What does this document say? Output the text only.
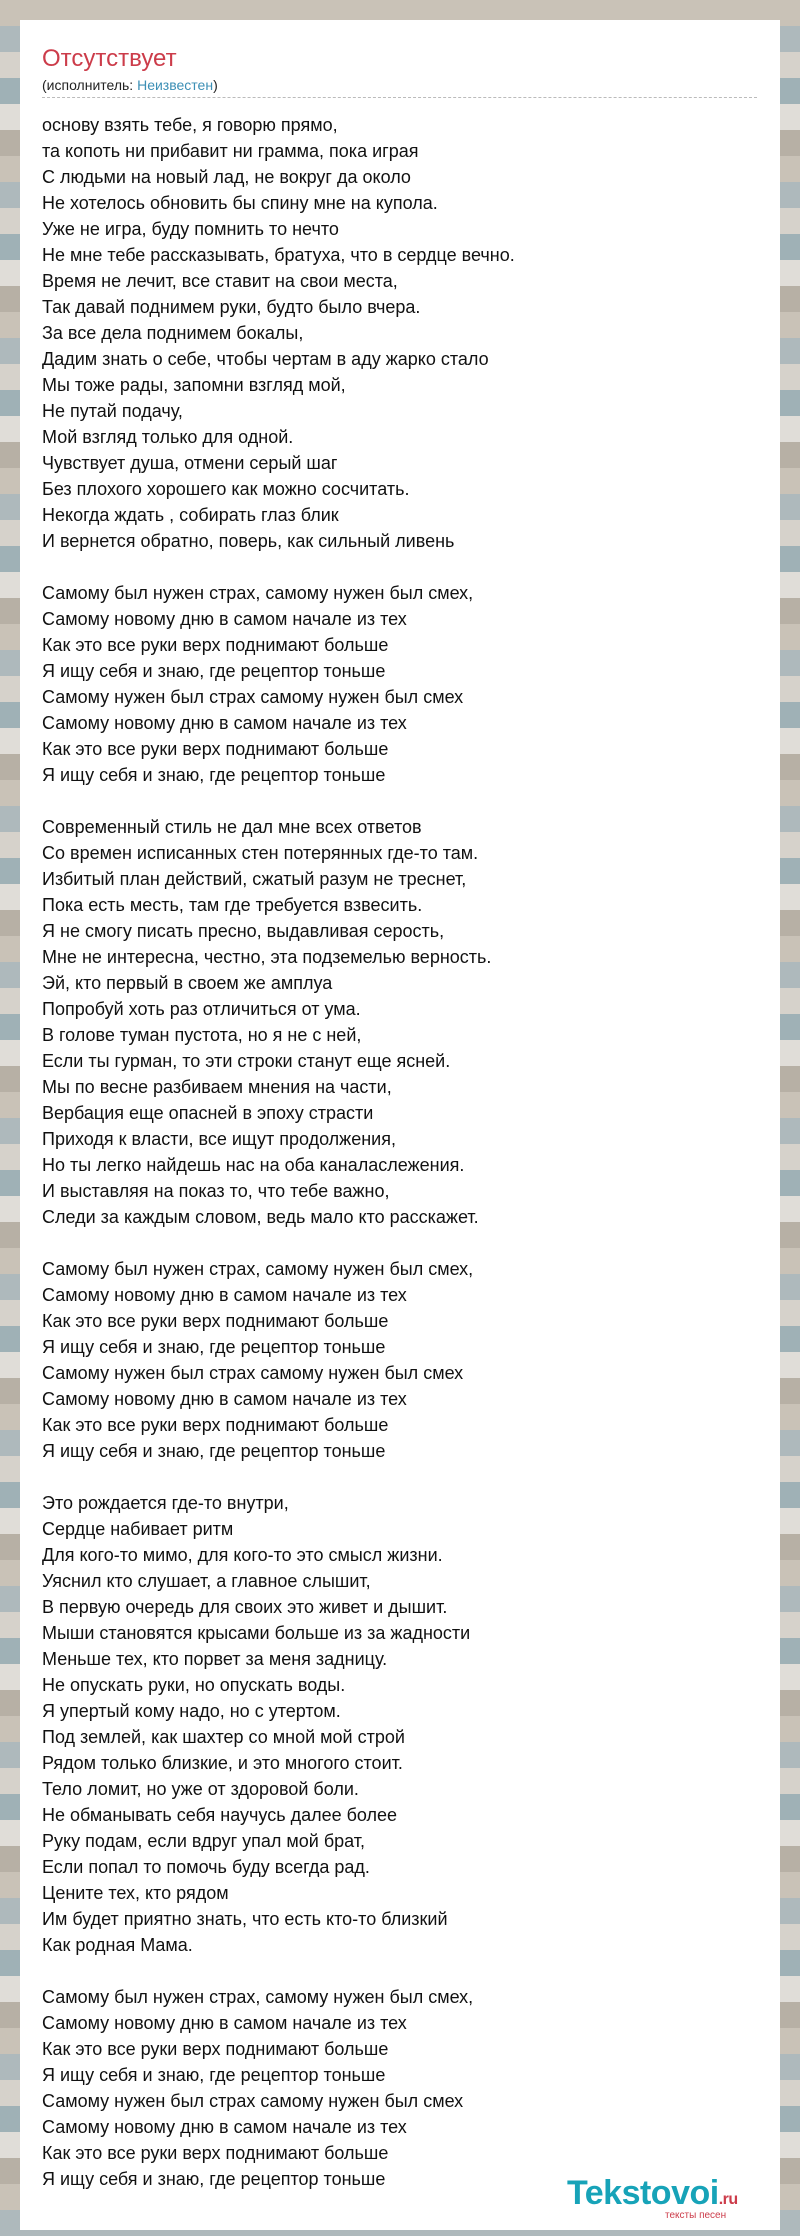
Отсутствует
(исполнитель: Неизвестен)
основу взять тебе, я говорю прямо,
та копоть ни прибавит ни грамма, пока играя
С людьми на новый лад, не вокруг да около
Не хотелось обновить бы спину мне на купола.
Уже не игра, буду помнить то нечто
Не мне тебе рассказывать, братуха, что в сердце вечно.
Время не лечит, все ставит на свои места,
Так давай поднимем руки, будто было вчера.
За все дела поднимем бокалы,
Дадим знать о себе, чтобы чертам в аду жарко стало
Мы тоже рады, запомни взгляд мой,
Не путай подачу,
Мой взгляд только для одной.
Чувствует душа, отмени серый шаг
Без плохого хорошего как можно сосчитать.
Некогда ждать , собирать глаз блик
И вернется обратно, поверь, как сильный ливень
Самому был нужен страх, самому нужен был смех,
Самому новому дню в самом начале из тех
Как это все руки верх поднимают больше
Я ищу себя и знаю, где рецептор тоньше
Самому нужен был страх самому нужен был смех
Самому новому дню в самом начале из тех
Как это все руки верх поднимают больше
Я ищу себя и знаю, где рецептор тоньше
Современный стиль не дал мне всех ответов
Со времен исписанных стен потерянных где-то там.
Избитый план действий, сжатый разум не треснет,
Пока есть месть, там где требуется взвесить.
Я не смогу писать пресно, выдавливая серость,
Мне не интересна, честно, эта подземелью верность.
Эй, кто первый в своем же амплуа
Попробуй хоть раз отличиться от ума.
В голове туман пустота, но я не с ней,
Если ты гурман, то эти строки станут еще ясней.
Мы по весне разбиваем мнения на части,
Вербация еще опасней в эпоху страсти
Приходя к власти, все ищут продолжения,
Но ты легко найдешь нас на оба каналаслежения.
И выставляя на показ то, что тебе важно,
Следи за каждым словом, ведь мало кто расскажет.
Самому был нужен страх, самому нужен был смех,
Самому новому дню в самом начале из тех
Как это все руки верх поднимают больше
Я ищу себя и знаю, где рецептор тоньше
Самому нужен был страх самому нужен был смех
Самому новому дню в самом начале из тех
Как это все руки верх поднимают больше
Я ищу себя и знаю, где рецептор тоньше
Это рождается где-то внутри,
Сердце набивает ритм
Для кого-то мимо, для кого-то это смысл жизни.
Уяснил кто слушает, а главное слышит,
В первую очередь для своих это живет и дышит.
Мыши становятся крысами больше из за жадности
Меньше тех, кто порвет за меня задницу.
Не опускать руки, но опускать воды.
Я упертый кому надо, но с утертом.
Под землей, как шахтер со мной мой строй
Рядом только близкие, и это многого стоит.
Тело ломит, но уже от здоровой боли.
Не обманывать себя научусь далее более
Руку подам, если вдруг упал мой брат,
Если попал то помочь буду всегда рад.
Цените тех, кто рядом
Им будет приятно знать, что есть кто-то близкий
Как родная Мама.
Самому был нужен страх, самому нужен был смех,
Самому новому дню в самом начале из тех
Как это все руки верх поднимают больше
Я ищу себя и знаю, где рецептор тоньше
Самому нужен был страх самому нужен был смех
Самому новому дню в самом начале из тех
Как это все руки верх поднимают больше
Я ищу себя и знаю, где рецептор тоньше	Tekstovoi.ru
тексты песен
